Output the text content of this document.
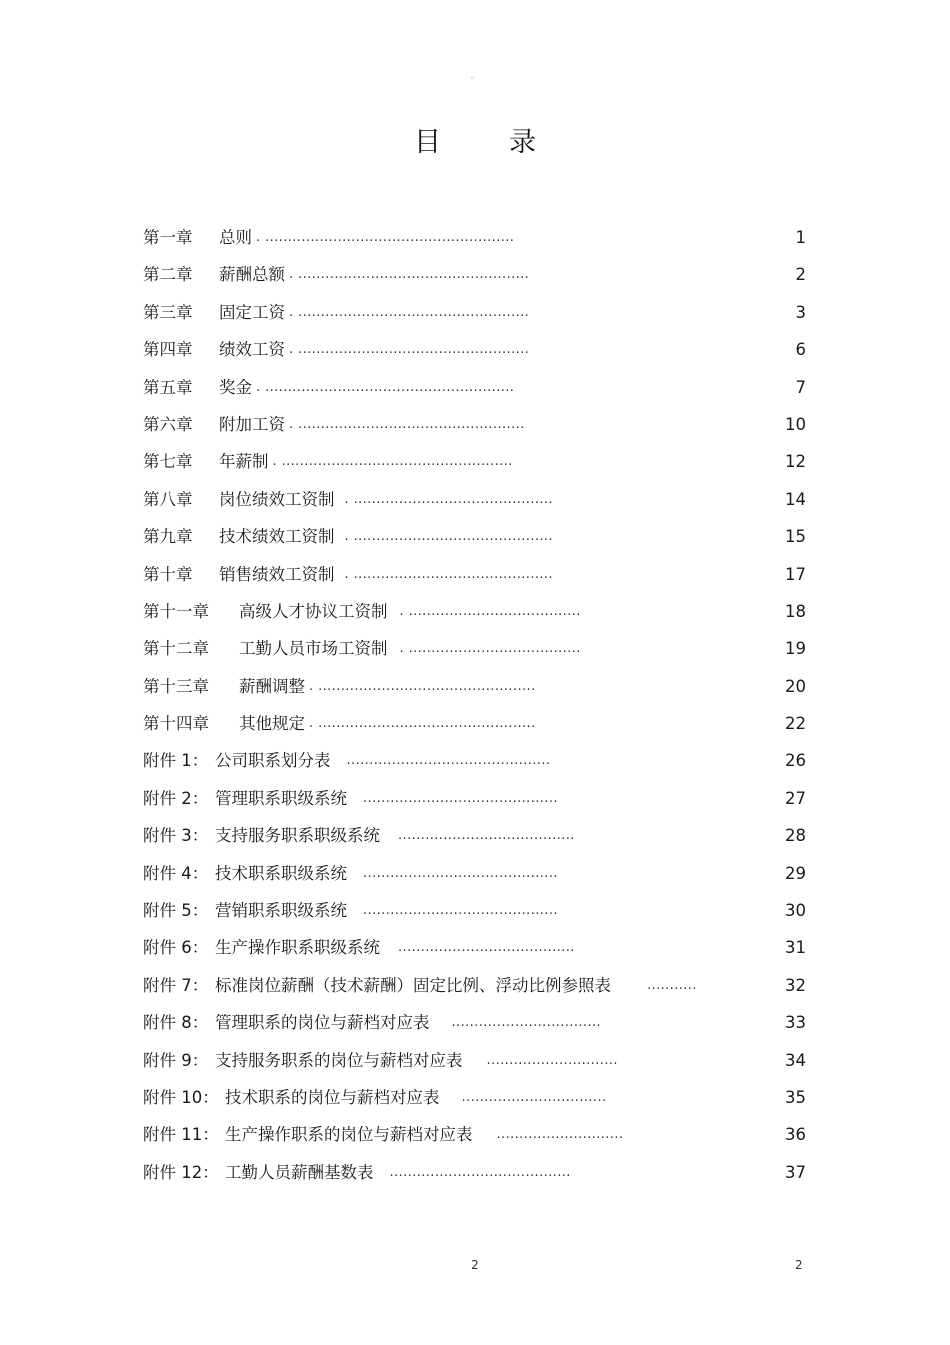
。
目	录
第一章 总则 . .......................................................	1
第二章 薪酬总额 . ...................................................	2
第三章 固定工资 . ...................................................	3
第四章 绩效工资 . ...................................................	6
第五章 奖金 . .......................................................	7
第六章 附加工资 . ..................................................	10
第七章 年薪制 . ...................................................	12
第八章 岗位绩效工资制 . ............................................	14
第九章 技术绩效工资制 . ............................................	15
第十章 销售绩效工资制 . ............................................	17
第十一章 高级人才协议工资制 . ......................................	18
第十二章 工勤人员市场工资制 . ......................................	19
第十三章 薪酬调整 . ................................................	20
第十四章 其他规定 . ................................................	22
附件 1： 公司职系划分表 .............................................	26
附件 2： 管理职系职级系统 ...........................................	27
附件 3： 支持服务职系职级系统 .......................................	28
附件 4： 技术职系职级系统 ...........................................	29
附件 5： 营销职系职级系统 ...........................................	30
附件 6： 生产操作职系职级系统 .......................................	31
附件 7： 标准岗位薪酬（技术薪酬）固定比例、浮动比例参照表	...........	32
附件 8： 管理职系的岗位与薪档对应表 .................................	33
附件 9： 支持服务职系的岗位与薪档对应表 .............................	34
附件 10： 技术职系的岗位与薪档对应表 ................................	35
附件 11： 生产操作职系的岗位与薪档对应表 ............................	36
附件 12： 工勤人员薪酬基数表 ........................................	37
2	2
